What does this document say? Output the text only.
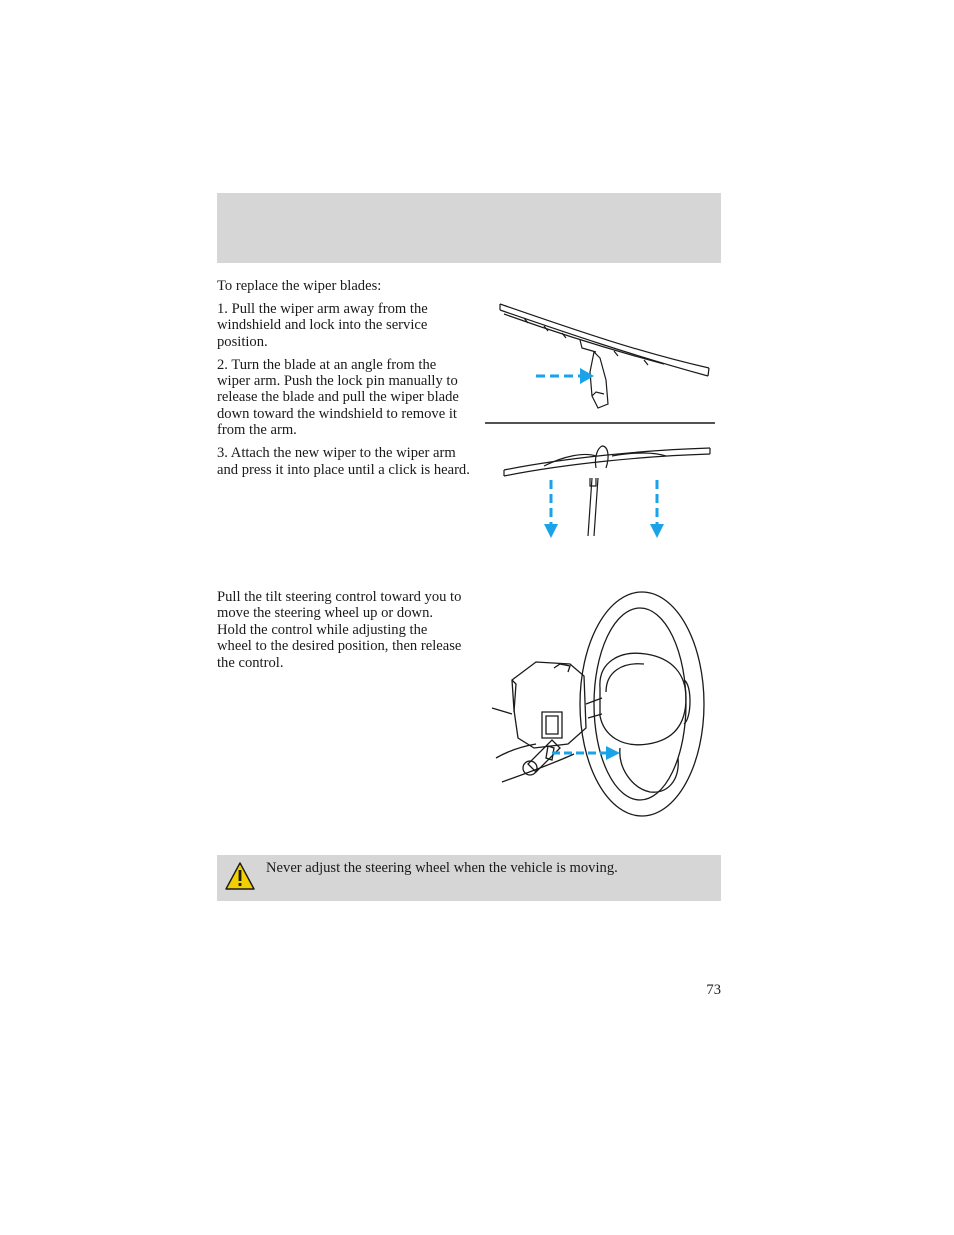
To replace the wiper blades:

1. Pull the wiper arm away from the windshield and lock into the service position.

2. Turn the blade at an angle from the wiper arm. Push the lock pin manually to release the blade and pull the wiper blade down toward the windshield to remove it from the arm.

3. Attach the new wiper to the wiper arm and press it into place until a click is heard.

Pull the tilt steering control toward you to move the steering wheel up or down. Hold the control while adjusting the wheel to the desired position, then release the control.

Never adjust the steering wheel when the vehicle is moving.
73
